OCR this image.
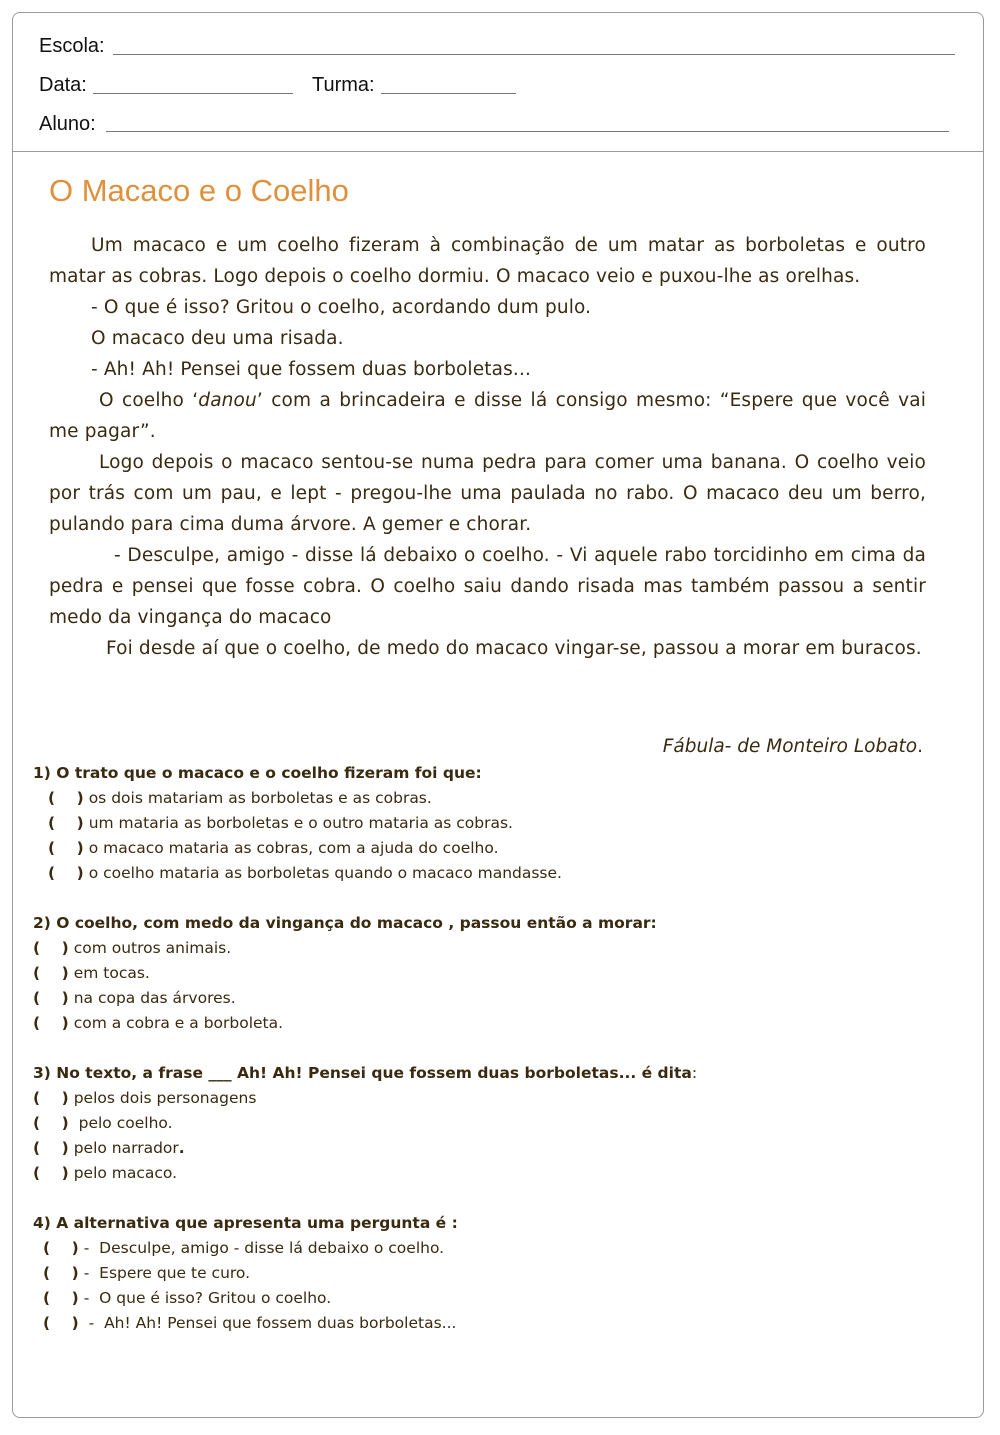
Escola:
Data:	Turma:
Aluno:
O Macaco e o Coelho

Um macaco e um coelho fizeram à combinação de um matar as borboletas e outro matar as cobras. Logo depois o coelho dormiu. O macaco veio e puxou-lhe as orelhas.

- O que é isso? Gritou o coelho, acordando dum pulo.

O macaco deu uma risada.

- Ah! Ah! Pensei que fossem duas borboletas...

O coelho ‘danou’ com a brincadeira e disse lá consigo mesmo: “Espere que você vai me pagar”.

Logo depois o macaco sentou-se numa pedra para comer uma banana. O coelho veio por trás com um pau, e lept - pregou-lhe uma paulada no rabo. O macaco deu um berro, pulando para cima duma árvore. A gemer e chorar.

- Desculpe, amigo - disse lá debaixo o coelho. - Vi aquele rabo torcidinho em cima da pedra e pensei que fosse cobra. O coelho saiu dando risada mas também passou a sentir medo da vingança do macaco

Foi desde aí que o coelho, de medo do macaco vingar-se, passou a morar em buracos.

Fábula- de Monteiro Lobato.
1) O trato que o macaco e o coelho fizeram foi que:
(    ) os dois matariam as borboletas e as cobras.
(    ) um mataria as borboletas e o outro mataria as cobras.
(    ) o macaco mataria as cobras, com a ajuda do coelho.
(    ) o coelho mataria as borboletas quando o macaco mandasse.
2) O coelho, com medo da vingança do macaco , passou então a morar:
(    ) com outros animais.
(    ) em tocas.
(    ) na copa das árvores.
(    ) com a cobra e a borboleta.
3) No texto, a frase ___ Ah! Ah! Pensei que fossem duas borboletas... é dita:
(    ) pelos dois personagens
(    )  pelo coelho.
(    ) pelo narrador.
(    ) pelo macaco.
4) A alternativa que apresenta uma pergunta é :
(    ) -  Desculpe, amigo - disse lá debaixo o coelho.
(    ) -  Espere que te curo.
(    ) -  O que é isso? Gritou o coelho.
(    )  -  Ah! Ah! Pensei que fossem duas borboletas...
